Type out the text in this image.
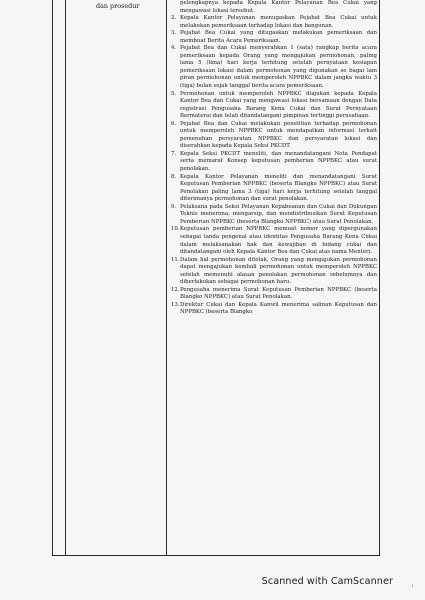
dan prosedur	pelengkapnya kepada Kepala Kantor Pelayanan Bea Cukai yang mengawasi lokasi tersebut.

2. Kepala Kantor Pelayanan menugaskan Pejabat Bea Cukai untuk melakukan pemeriksaan terhadap lokasi dan bangunan.

3. Pejabat Bea Cukai yang ditugaskan melakukan pemeriksaan dan membuat Berita Acara Pemeriksaan.

4. Pejabat Bea dan Cukai menyerahkan 1 (satu) rangkap berita acara pemeriksaan kepada Orang yang mengajukan permohonan, paling lama 5 (lima) hari kerja terhitung setelah pernyataan kesiapan pemeriksaan lokasi dalam permohonan yang digunakan se bagai lam piran permohonan untuk memperoleh NPPBKC dalam jangka waktu 3 (tiga) bulan sejak tanggal berita acara pemeriksaan.

5. Permohonan untuk memperoleh NPPBKC diajukan kepada Kepala Kantor Bea dan Cukai yang mengawasi lokasi bersamaan dengan Data registrasi Pengusaha Barang Kena Cukai dan Surat Pernyataan Bermaterai dan telah ditandatangani pimpinan tertinggi perusahaan.

6. Pejabat Bea dan Cukai melakukan penelitian terhadap permohonan untuk memperoleh NPPBKC untuk mendapatkan informasi terkait pemenuhan persyaratan NPPBKC dan persyaratan lokasi dan diserahkan kepada Kepala Seksi PKCDT.

7. Kepala Seksi PKCDT meneliti, dan menandatangani Nota Pendapat serta memaraf Konsep keputusan pemberian NPPBKC atau surat penolakan.

8. Kepala Kantor Pelayanan meneliti dan menandatangani Surat Keputusan Pemberian NPPBKC (beserta Blangko NPPBKC) atau Surat Penolakan paling lama 3 (tiga) hari kerja terhitung setelah tanggal diterimanya permohonan dan surat penolakan.

9. Pelaksana pada Seksi Pelayanan Kepabeanan dan Cukai dan Dukungan Teknis menerima, mengarsip, dan mendistribusikan Surat Keputusan Pemberian NPPBKC (beserta Blangko NPPBKC) atau Surat Penolakan.

10. Keputusan pemberian NPPBKC memuat nomor yang dipergunakan sebagai tanda pengenal atau identitas Pengusaha Barang Kena Cukai dalam melaksanakan hak dan kewajiban di bidang cukai dan ditandatangani oleh Kepala Kantor Bea dan Cukai atas nama Menteri.

11. Dalam hal permohonan ditolak, Orang yang mengajukan permohonan dapat mengajukan kembali permohonan untuk memperoleh NPPBKC setelah memenuhi alasan penolakan permohonan sebelumnya dan diberlakukan sebagai permohonan baru.

12. Pengusaha menerima Surat Keputusan Pemberian NPPBKC (beserta Blangko NPPBKC) atau Surat Penolakan.

13. Direktur Cukai dan Kepala Kanwil menerima salinan Keputusan dan NPPBKC (beserta Blangko

Scanned with CamScanner	ı
